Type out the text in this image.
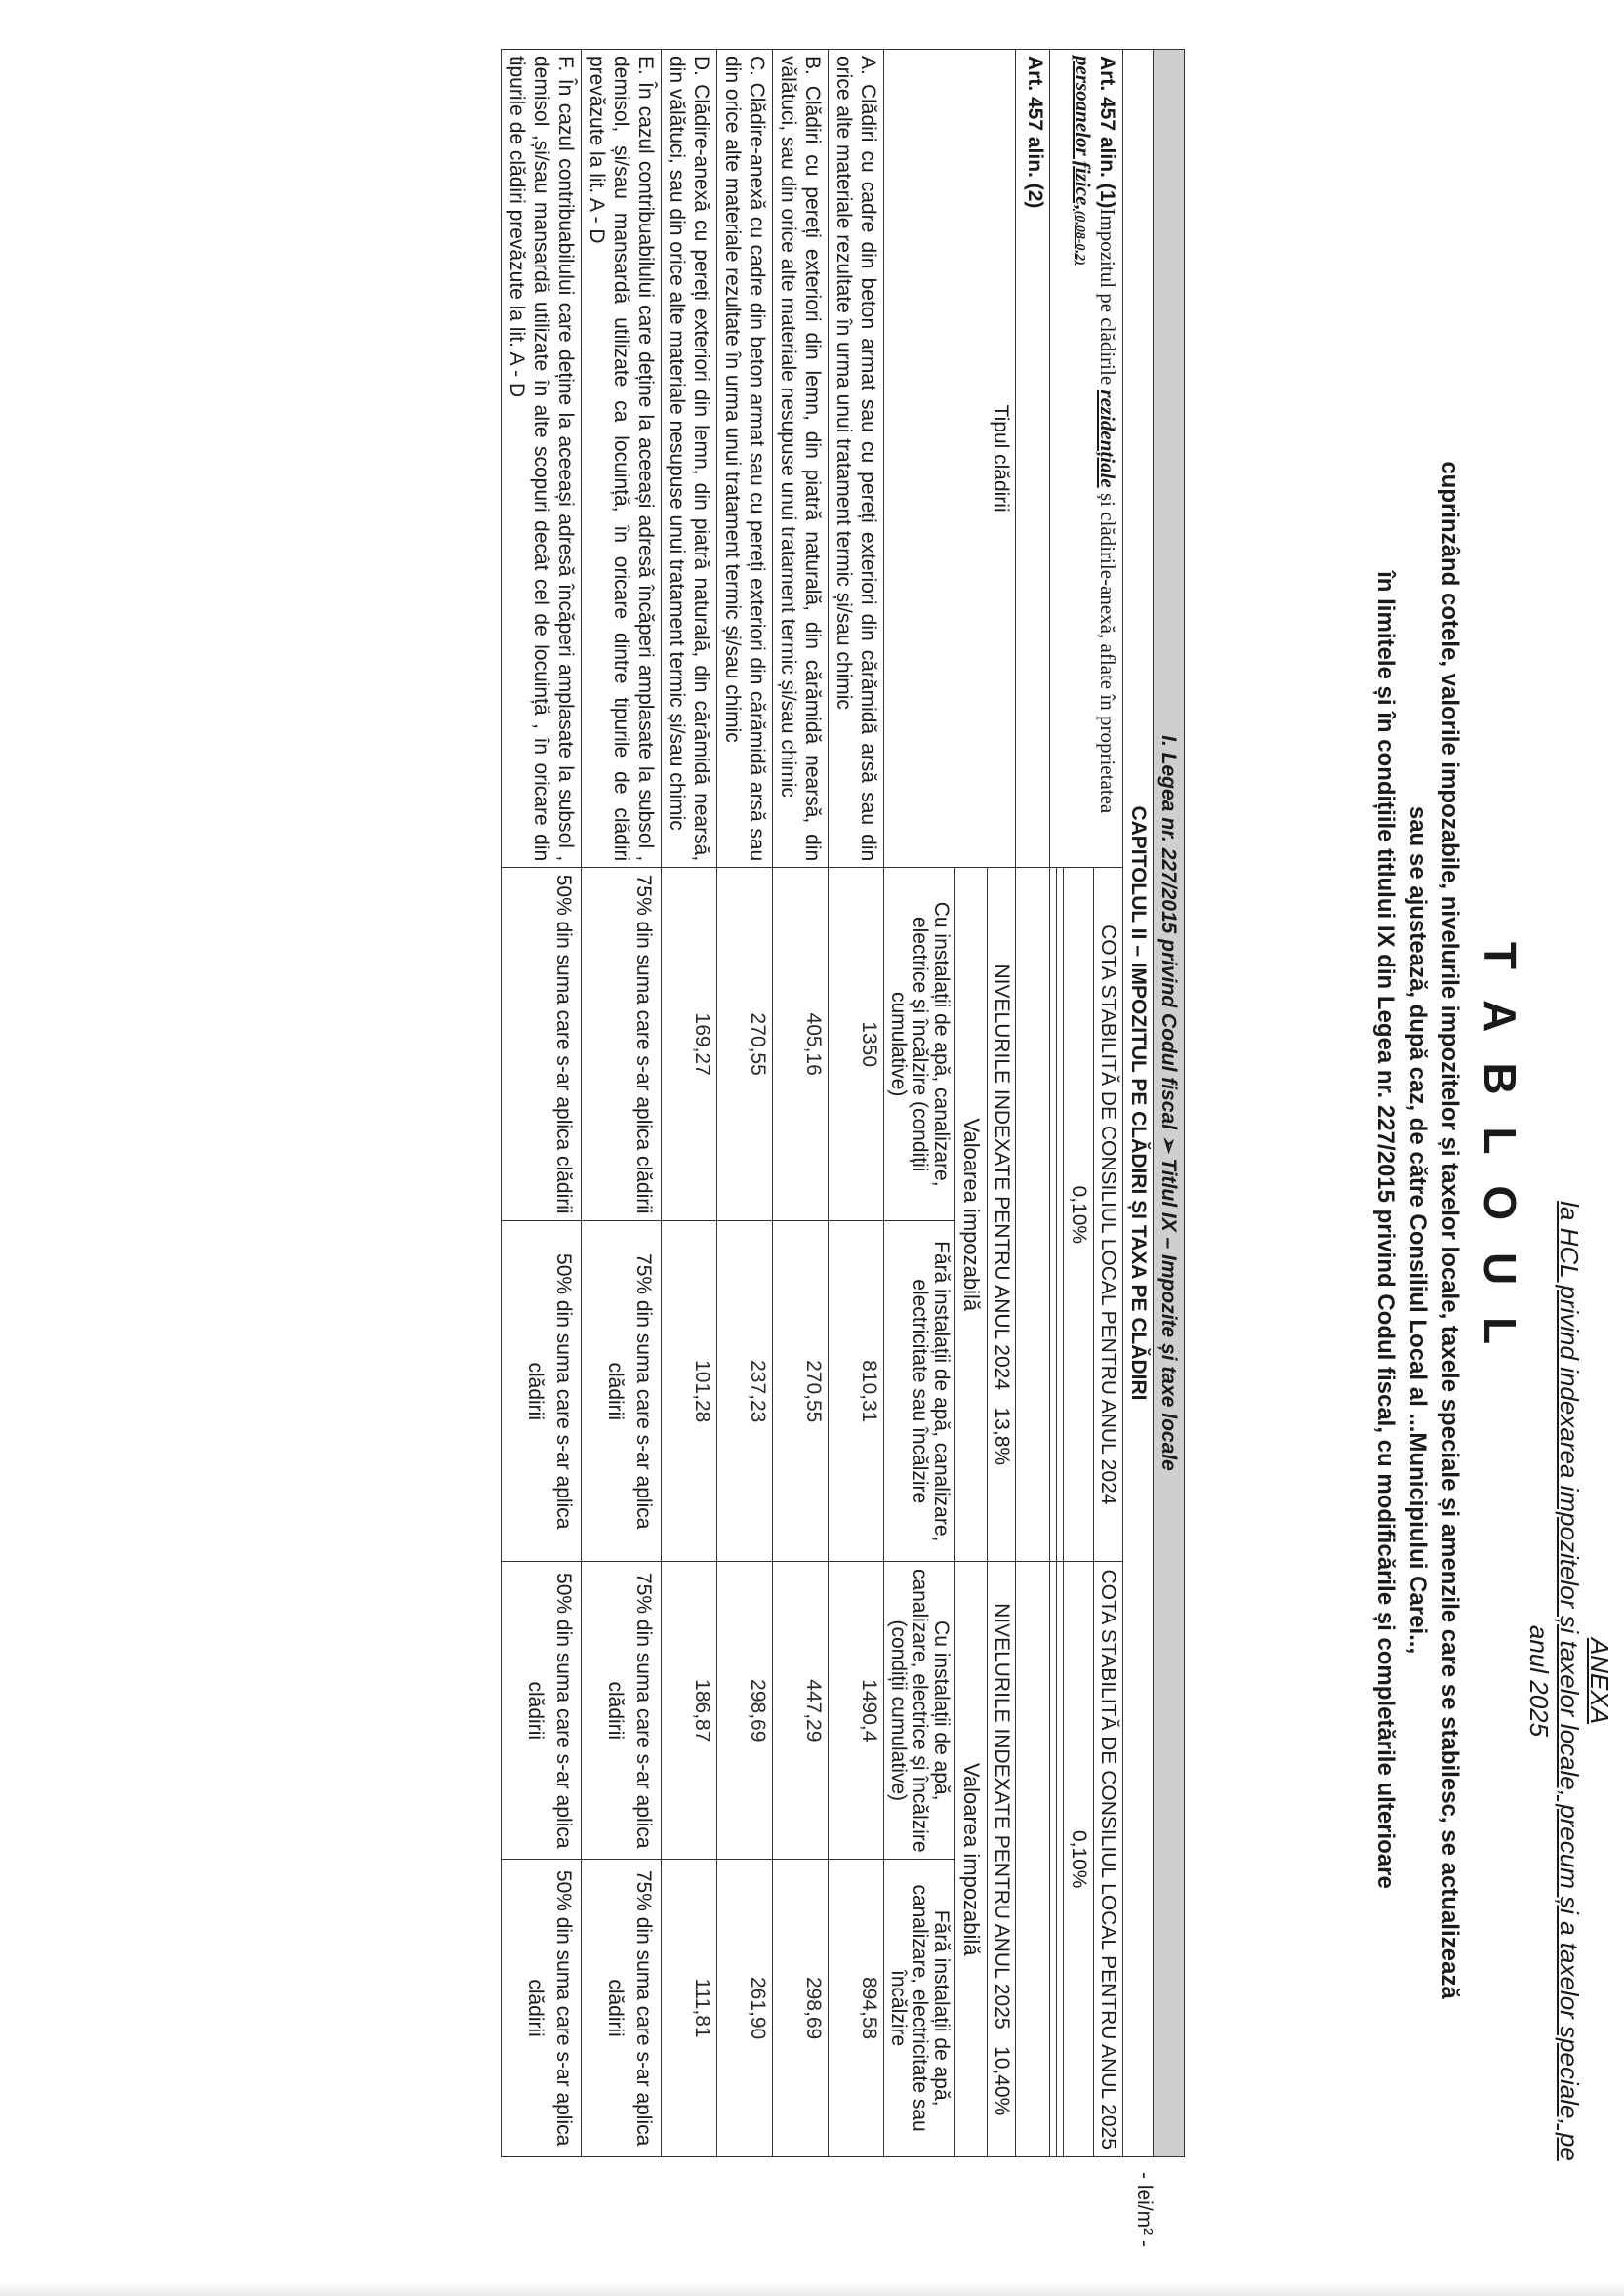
ANEXA
la HCL privind indexarea impozitelor și taxelor locale, precum și a taxelor speciale, pe
anul 2025
T A B L O U L
cuprinzând cotele, valorile impozabile, nivelurile impozitelor și taxelor locale, taxele speciale și amenzile care se stabilesc, se actualizează
sau se ajustează, după caz, de către Consiliul Local al ...Municipiului Carei..,
în limitele și în condițiile titlului IX din Legea nr. 227/2015 privind Codul fiscal, cu modificările și completările ulterioare
I. Legea nr. 227/2015 privind Codul fiscal ➢ Titlul IX – Impozite și taxe locale				
CAPITOLUL II – IMPOZITUL PE CLĂDIRI ȘI TAXA PE CLĂDIRI				
Art. 457 alin. (1)Impozitul pe clădirile rezidențiale și clădirile-anexă, aflate în proprietatea persoanelor fizice,(0,08-0,2)	COTA STABILITĂ DE CONSILIUL LOCAL PENTRU ANUL 2024		COTA STABILITĂ DE CONSILIUL LOCAL PENTRU ANUL 2025	
	0,10%		0,10%	

Art. 457 alin. (2)				
Tipul clădirii	NIVELURILE INDEXATE PENTRU ANUL 2024   13,8%		NIVELURILE INDEXATE PENTRU ANUL 2025   10,40%	
	Valoarea impozabilă		Valoarea impozabilă	
	Cu instalații de apă, canalizare, electrice și încălzire (condiții cumulative)	Fără instalații de apă, canalizare, electricitate sau încălzire	Cu instalații de apă, canalizare, electrice și încălzire (condiții cumulative)	Fără instalații de apă, canalizare, electricitate sau încălzire
A. Clădiri cu cadre din beton armat sau cu pereți exteriori din cărămidă arsă sau din orice alte materiale rezultate în urma unui tratament termic și/sau chimic	1350	810,31	1490,4	894,58
B. Clădiri cu pereți exteriori din lemn, din piatră naturală, din cărămidă nearsă, din vălătuci, sau din orice alte materiale nesupuse unui tratament termic și/sau chimic	405,16	270,55	447,29	298,69
C. Clădire-anexă cu cadre din beton armat sau cu pereți exteriori din cărămidă arsă sau din orice alte materiale rezultate în urma unui tratament termic și/sau chimic	270,55	237,23	298,69	261,90
D. Clădire-anexă cu pereți exteriori din lemn, din piatră naturală, din cărămidă nearsă, din vălătuci, sau din orice alte materiale nesupuse unui tratament termic și/sau chimic	169,27	101,28	186,87	111,81
E. În cazul contribuabilului care deține la aceeași adresă încăperi amplasate la subsol , demisol, și/sau mansardă utilizate ca locuință, în oricare dintre tipurile de clădiri prevăzute la lit. A - D	75% din suma care s-ar aplica clădirii	75% din suma care s-ar aplica clădirii	75% din suma care s-ar aplica clădirii	75% din suma care s-ar aplica clădirii
F. În cazul contribuabilului care deține la aceeași adresă încăperi amplasate la subsol , demisol ,și/sau mansardă utilizate în alte scopuri decât cel de locuință , în oricare din tipurile de clădiri prevăzute la lit. A - D	50% din suma care s-ar aplica clădirii	50% din suma care s-ar aplica clădirii	50% din suma care s-ar aplica clădirii	50% din suma care s-ar aplica clădirii
- lei/m² -
